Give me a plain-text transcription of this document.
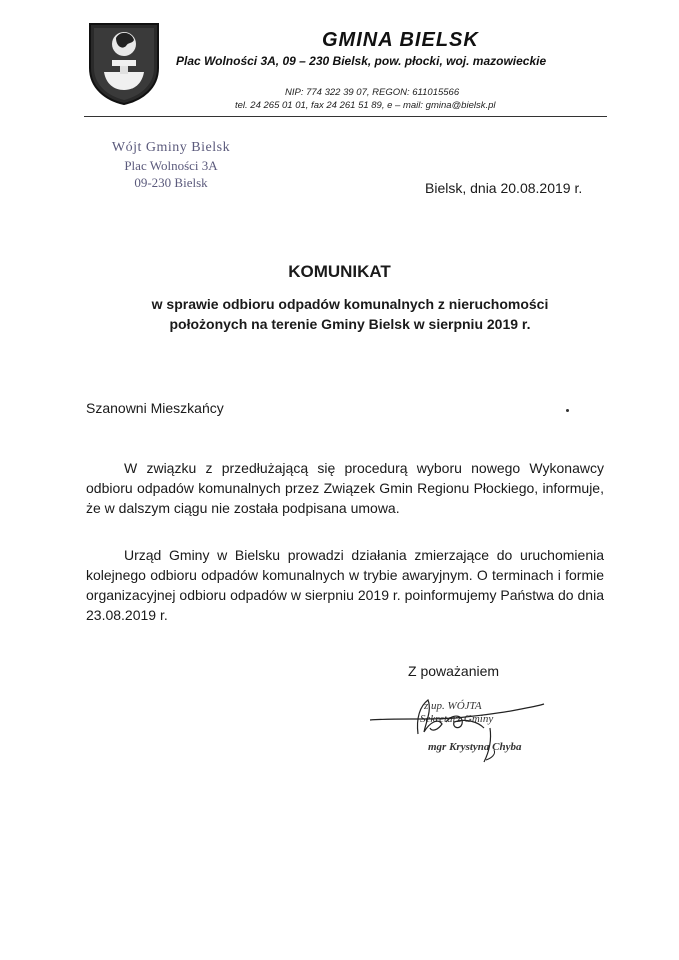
GMINA BIELSK
Plac Wolności 3A, 09 – 230 Bielsk, pow. płocki, woj. mazowieckie
NIP: 774 322 39 07, REGON: 611015566
tel. 24 265 01 01, fax 24 261 51 89, e – mail: gmina@bielsk.pl
Wójt Gminy Bielsk
Plac Wolności 3A
09-230 Bielsk	Bielsk, dnia 20.08.2019 r.
KOMUNIKAT
w sprawie odbioru odpadów komunalnych z nieruchomości
położonych na terenie Gminy Bielsk w sierpniu 2019 r.
Szanowni Mieszkańcy
W związku z przedłużającą się procedurą wyboru nowego Wykonawcy odbioru odpadów komunalnych przez Związek Gmin Regionu Płockiego, informuje, że w dalszym ciągu nie została podpisana umowa.
Urząd Gminy w Bielsku prowadzi działania zmierzające do uruchomienia kolejnego odbioru odpadów komunalnych w trybie awaryjnym. O terminach i formie organizacyjnej odbioru odpadów w sierpniu 2019 r. poinformujemy Państwa do dnia 23.08.2019 r.
Z poważaniem
z up. WÓJTA
Sekretarz Gminy
mgr Krystyna Chyba
